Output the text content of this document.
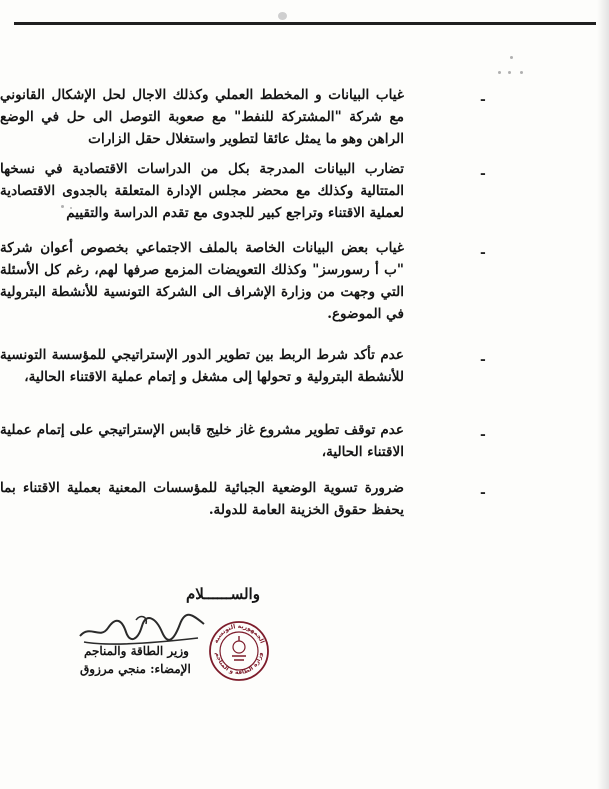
-
غياب البيانات و المخطط العملي وكذلك الاجال لحل الإشكال القانوني مع شركة "المشتركة للنفط" مع صعوبة التوصل الى حل في الوضع الراهن وهو ما يمثل عائقا لتطوير واستغلال حقل الزارات
-
تضارب البيانات المدرجة بكل من الدراسات الاقتصادية في نسخها المتتالية وكذلك مع محضر مجلس الإدارة المتعلقة بالجدوى الاقتصادية لعملية الاقتناء وتراجع كبير للجدوى مع تقدم الدراسة والتقييم
-
غياب بعض البيانات الخاصة بالملف الاجتماعي بخصوص أعوان شركة "ب أ رسورسز" وكذلك التعويضات المزمع صرفها لهم، رغم كل الأسئلة التي وجهت من وزارة الإشراف الى الشركة التونسية للأنشطة البترولية في الموضوع.
-
عدم تأكد شرط الربط بين تطوير الدور الإستراتيجي للمؤسسة التونسية للأنشطة البترولية و تحولها إلى مشغل و إتمام عملية الاقتناء الحالية،
-
عدم توقف تطوير مشروع غاز خليج قابس الإستراتيجي على إتمام عملية الاقتناء الحالية،
-
ضرورة تسوية الوضعية الجبائية للمؤسسات المعنية بعملية الاقتناء بما يحفظ حقوق الخزينة العامة للدولة.
والســــــلام
الجمهورية التونسية
وزارة الطاقة و المناجم
وزير الطاقة والمناجم
الإمضاء: منجي مرزوق
